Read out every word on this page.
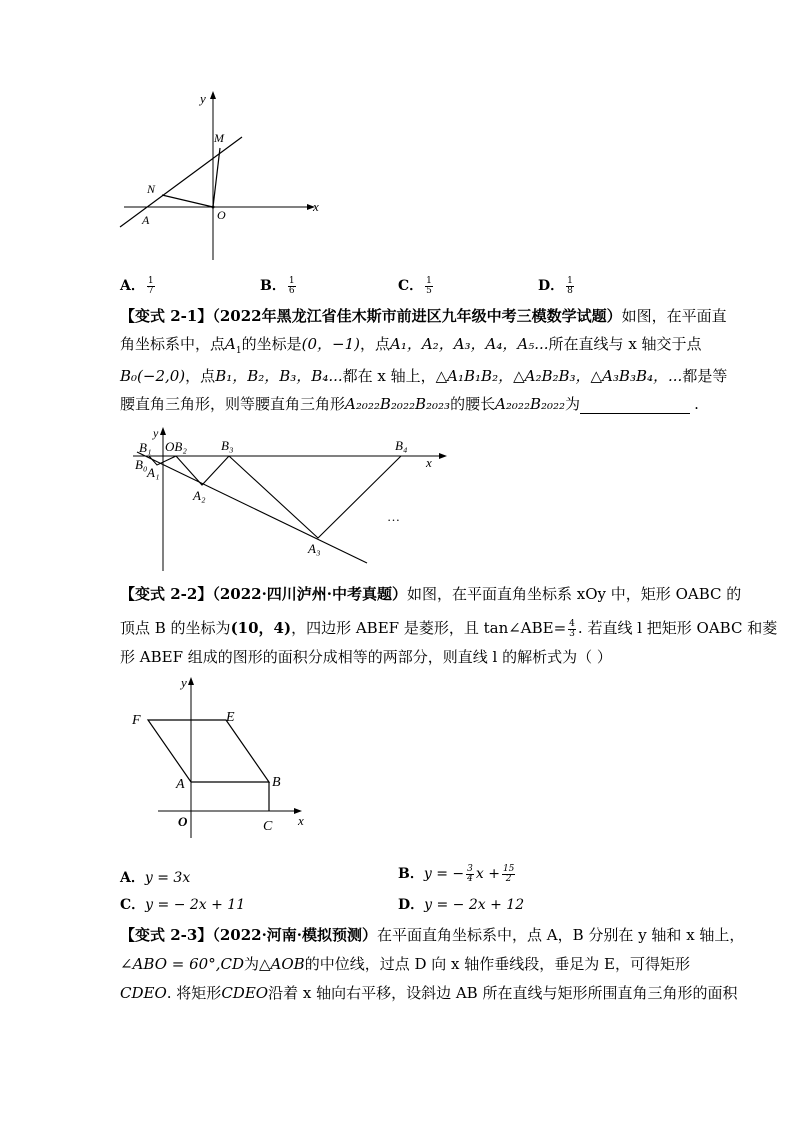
y
x
M
N
A	O
A． $\frac{1}{7}$	B． $\frac{1}{6}$	C． $\frac{1}{5}$	D． $\frac{1}{8}$
【变式 2-1】（2022年黑龙江省佳木斯市前进区九年级中考三模数学试题）如图，在平面直
角坐标系中，点$A_1$的坐标是(0，−1)，点A₁，A₂，A₃，A₄，A₅...所在直线与 x 轴交于点
B₀(−2,0)，点B₁，B₂，B₃，B₄...都在 x 轴上，△A₁B₁B₂，△A₂B₂B₃，△A₃B₃B₄，...都是等
腰直角三角形，则等腰直角三角形A₂₀₂₂B₂₀₂₂B₂₀₂₃的腰长A₂₀₂₂B₂₀₂₂为	.
y
x
B₁ OB₂	B₃	B₄
B₀
A₁
A₂
A₃
…
【变式 2-2】（2022·四川泸州·中考真题）如图，在平面直角坐标系 xOy 中，矩形 OABC 的
顶点 B 的坐标为(10，4)，四边形 ABEF 是菱形，且 tan∠ABE= $\frac{4}{3}$ . 若直线 l 把矩形 OABC 和菱
形 ABEF 组成的图形的面积分成相等的两部分，则直线 l 的解析式为（ ）
y
x
F	E
A	B
O	C
A．y = 3x	B．y = − $\frac{3}{4}$ $x + \frac{15}{2}$
C．y = − 2x + 11	D．y = − 2x + 12
【变式 2-3】（2022·河南·模拟预测）在平面直角坐标系中，点 A，B 分别在 y 轴和 x 轴上，
∠ABO = 60°,CD为△AOB的中位线，过点 D 向 x 轴作垂线段，垂足为 E，可得矩形
CDEO. 将矩形CDEO沿着 x 轴向右平移，设斜边 AB 所在直线与矩形所围直角三角形的面积
